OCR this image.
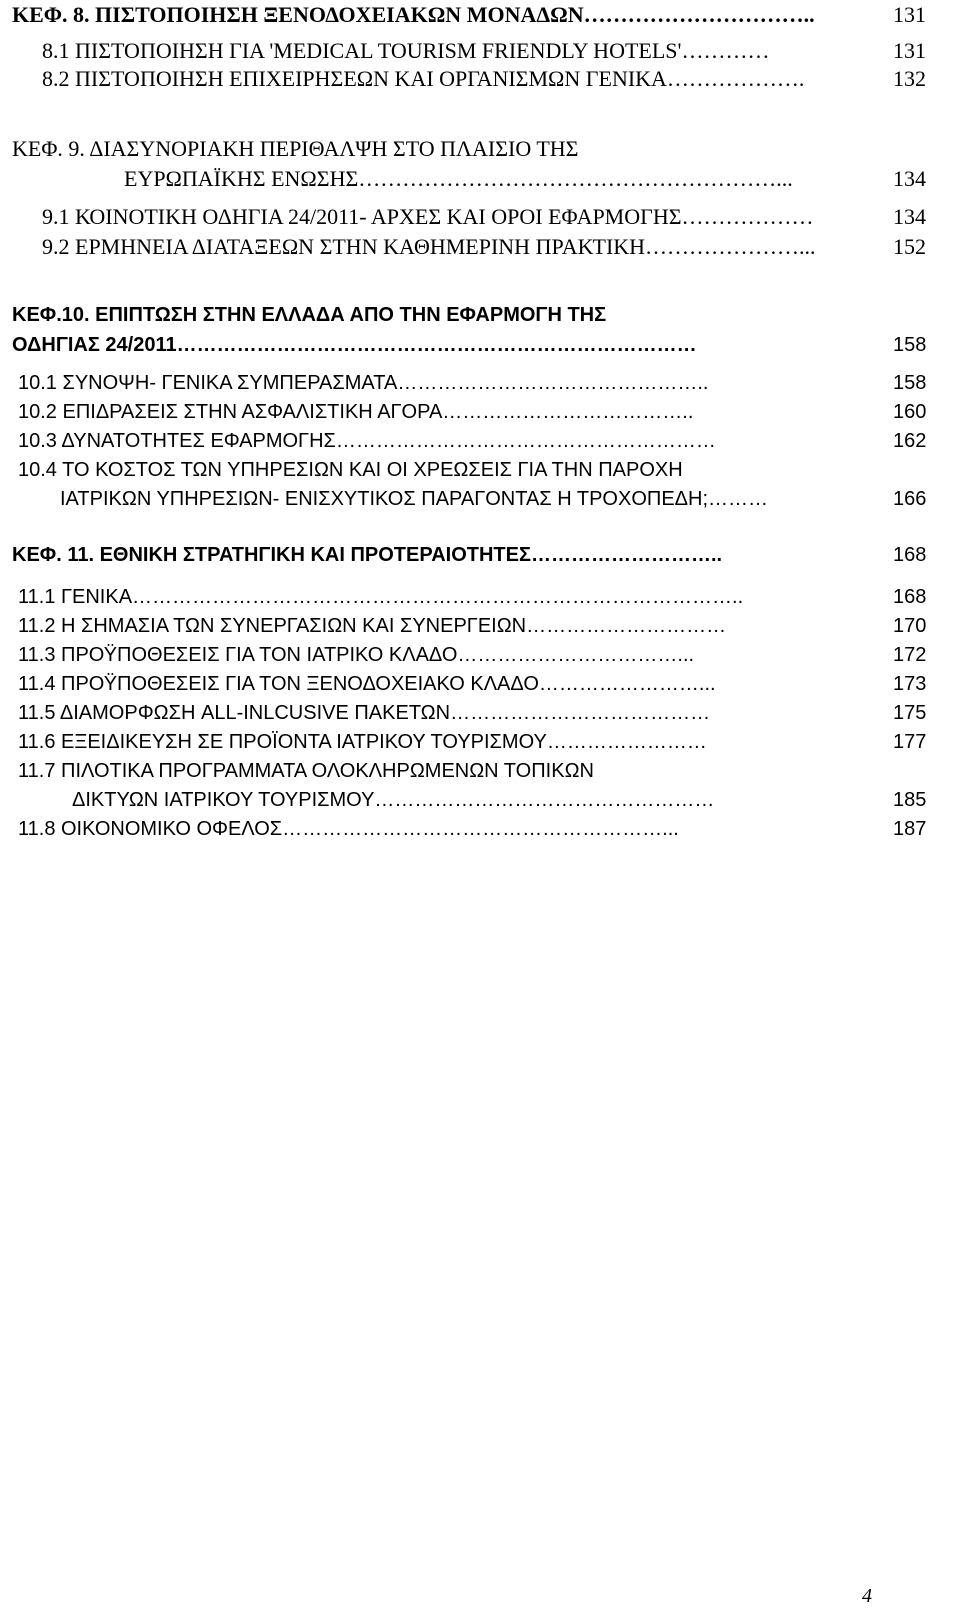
ΚΕΦ. 8. ΠΙΣΤΟΠΟΙΗΣΗ ΞΕΝΟΔΟΧΕΙΑΚΩΝ ΜΟΝΑΔΩΝ…………………………..	131
8.1 ΠΙΣΤΟΠΟΙΗΣΗ ΓΙΑ 'MEDICAL TOURISM FRIENDLY HOTELS'…………	131
8.2 ΠΙΣΤΟΠΟΙΗΣΗ ΕΠΙΧΕΙΡΗΣΕΩΝ ΚΑΙ ΟΡΓΑΝΙΣΜΩΝ ΓΕΝΙΚΑ……………….	132
ΚΕΦ. 9. ΔΙΑΣΥΝΟΡΙΑΚΗ ΠΕΡΙΘΑΛΨΗ ΣΤΟ ΠΛΑΙΣΙΟ ΤΗΣ
ΕΥΡΩΠΑΪΚΗΣ ΕΝΩΣΗΣ…………………………………………………...	134
9.1 ΚΟΙΝΟΤΙΚΗ ΟΔΗΓΙΑ 24/2011- ΑΡΧΕΣ ΚΑΙ ΟΡΟΙ ΕΦΑΡΜΟΓΗΣ………………	134
9.2 ΕΡΜΗΝΕΙΑ ΔΙΑΤΑΞΕΩΝ ΣΤΗΝ ΚΑΘΗΜΕΡΙΝΗ ΠΡΑΚΤΙΚΗ…………………...	152
ΚΕΦ.10. ΕΠΙΠΤΩΣΗ ΣΤΗΝ ΕΛΛΑΔΑ ΑΠΟ ΤΗΝ ΕΦΑΡΜΟΓΗ ΤΗΣ
ΟΔΗΓΙΑΣ 24/2011……………………………………………………………………	158
10.1 ΣΥΝΟΨΗ- ΓΕΝΙΚΑ ΣΥΜΠΕΡΑΣΜΑΤΑ………………………………………..	158
10.2 ΕΠΙΔΡΑΣΕΙΣ ΣΤΗΝ ΑΣΦΑΛΙΣΤΙΚΗ ΑΓΟΡΑ………………………………..	160
10.3 ΔΥΝΑΤΟΤΗΤΕΣ ΕΦΑΡΜΟΓΗΣ…………………………………………………	162
10.4 ΤΟ ΚΟΣΤΟΣ ΤΩΝ ΥΠΗΡΕΣΙΩΝ ΚΑΙ ΟΙ ΧΡΕΩΣΕΙΣ ΓΙΑ ΤΗΝ ΠΑΡΟΧΗ
ΙΑΤΡΙΚΩΝ ΥΠΗΡΕΣΙΩΝ- ΕΝΙΣΧΥΤΙΚΟΣ ΠΑΡΑΓΟΝΤΑΣ Η ΤΡΟΧΟΠΕΔΗ;………	166
ΚΕΦ. 11. ΕΘΝΙΚΗ ΣΤΡΑΤΗΓΙΚΗ ΚΑΙ ΠΡΟΤΕΡΑΙΟΤΗΤΕΣ………………………..	168
11.1 ΓΕΝΙΚΑ………………………………………………………………………………..	168
11.2 Η ΣΗΜΑΣΙΑ ΤΩΝ ΣΥΝΕΡΓΑΣΙΩΝ ΚΑΙ ΣΥΝΕΡΓΕΙΩΝ…………………………	170
11.3 ΠΡΟΫΠΟΘΕΣΕΙΣ ΓΙΑ ΤΟΝ ΙΑΤΡΙΚΟ ΚΛΑΔΟ……………………………...	172
11.4 ΠΡΟΫΠΟΘΕΣΕΙΣ ΓΙΑ ΤΟΝ ΞΕΝΟΔΟΧΕΙΑΚΟ ΚΛΑΔΟ……………………...	173
11.5 ΔΙΑΜΟΡΦΩΣΗ ALL-INLCUSIVE ΠΑΚΕΤΩΝ…………………………………	175
11.6 ΕΞΕΙΔΙΚΕΥΣΗ ΣΕ ΠΡΟΪΟΝΤΑ ΙΑΤΡΙΚΟΥ ΤΟΥΡΙΣΜΟΥ……………………	177
11.7 ΠΙΛΟΤΙΚΑ ΠΡΟΓΡΑΜΜΑΤΑ ΟΛΟΚΛΗΡΩΜΕΝΩΝ ΤΟΠΙΚΩΝ
ΔΙΚΤΥΩΝ ΙΑΤΡΙΚΟΥ ΤΟΥΡΙΣΜΟΥ……………………………………………	185
11.8 ΟΙΚΟΝΟΜΙΚΟ ΟΦΕΛΟΣ…………………………………………………...	187
4
